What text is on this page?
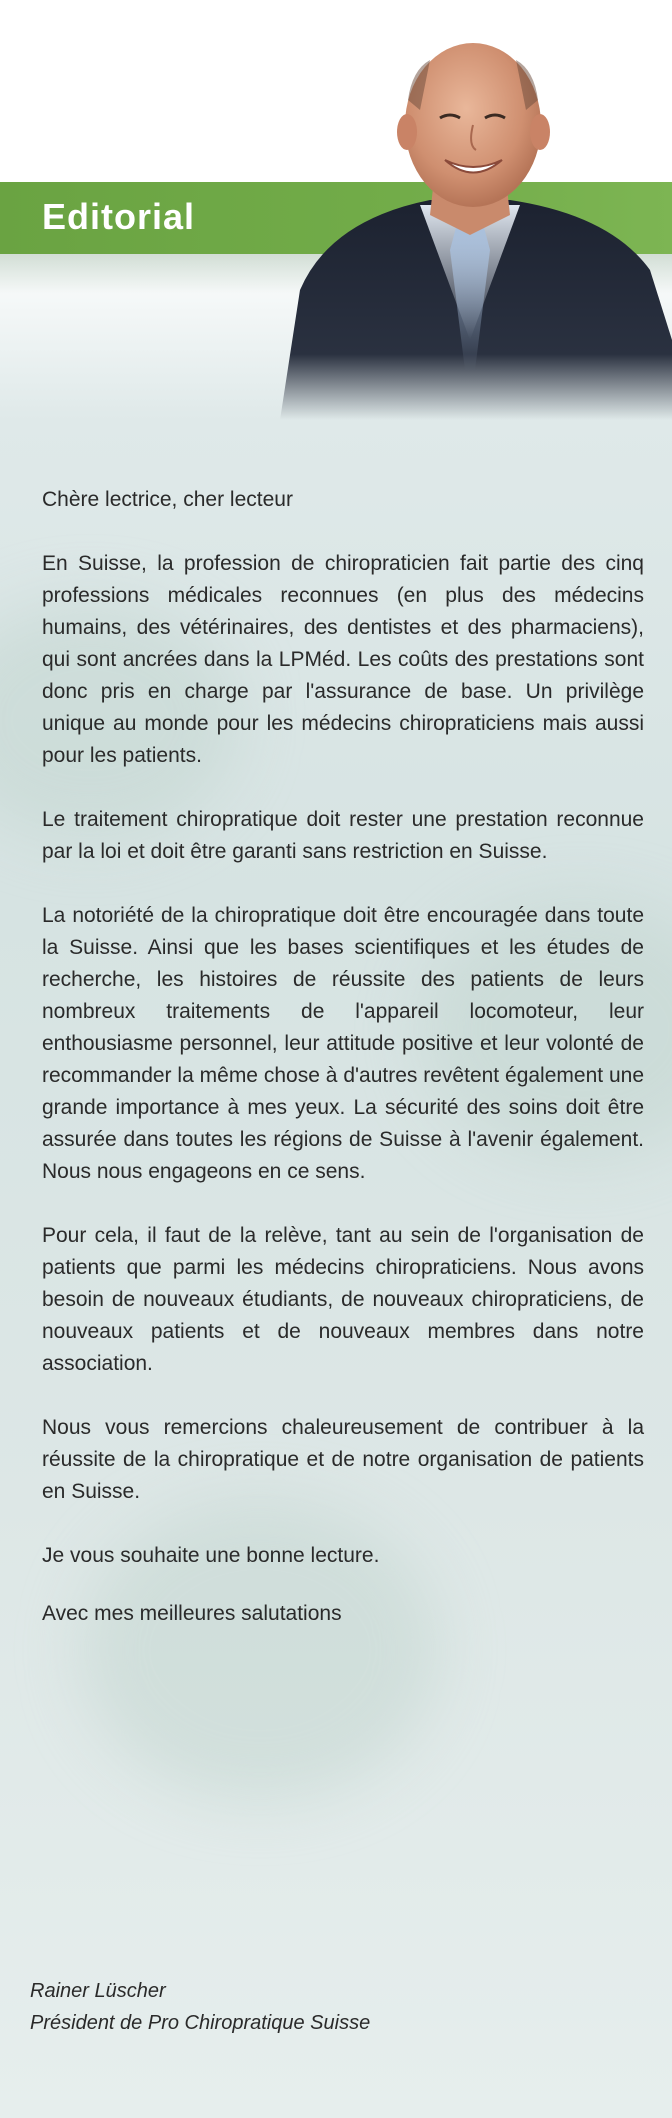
Editorial

Chère lectrice, cher lecteur

En Suisse, la profession de chiropraticien fait partie des cinq professions médicales reconnues (en plus des médecins humains, des vétérinaires, des dentistes et des pharmaciens), qui sont ancrées dans la LPMéd. Les coûts des prestations sont donc pris en charge par l'assurance de base. Un privilège unique au monde pour les médecins chiropraticiens mais aussi pour les patients.

Le traitement chiropratique doit rester une prestation reconnue par la loi et doit être garanti sans restriction en Suisse.

La notoriété de la chiropratique doit être encouragée dans toute la Suisse. Ainsi que les bases scientifiques et les études de recherche, les histoires de réussite des patients de leurs nombreux traitements de l'appareil locomoteur, leur enthousiasme personnel, leur attitude positive et leur volonté de recommander la même chose à d'autres revêtent également une grande importance à mes yeux. La sécurité des soins doit être assurée dans toutes les régions de Suisse à l'avenir également. Nous nous engageons en ce sens.

Pour cela, il faut de la relève, tant au sein de l'organisation de patients que parmi les médecins chiropraticiens. Nous avons besoin de nouveaux étudiants, de nouveaux chiropraticiens, de nouveaux patients et de nouveaux membres dans notre association.

Nous vous remercions chaleureusement de contribuer à la réussite de la chiropratique et de notre organisation de patients en Suisse.

Je vous souhaite une bonne lecture.

Avec mes meilleures salutations

Rainer Lüscher
Président de Pro Chiropratique Suisse
